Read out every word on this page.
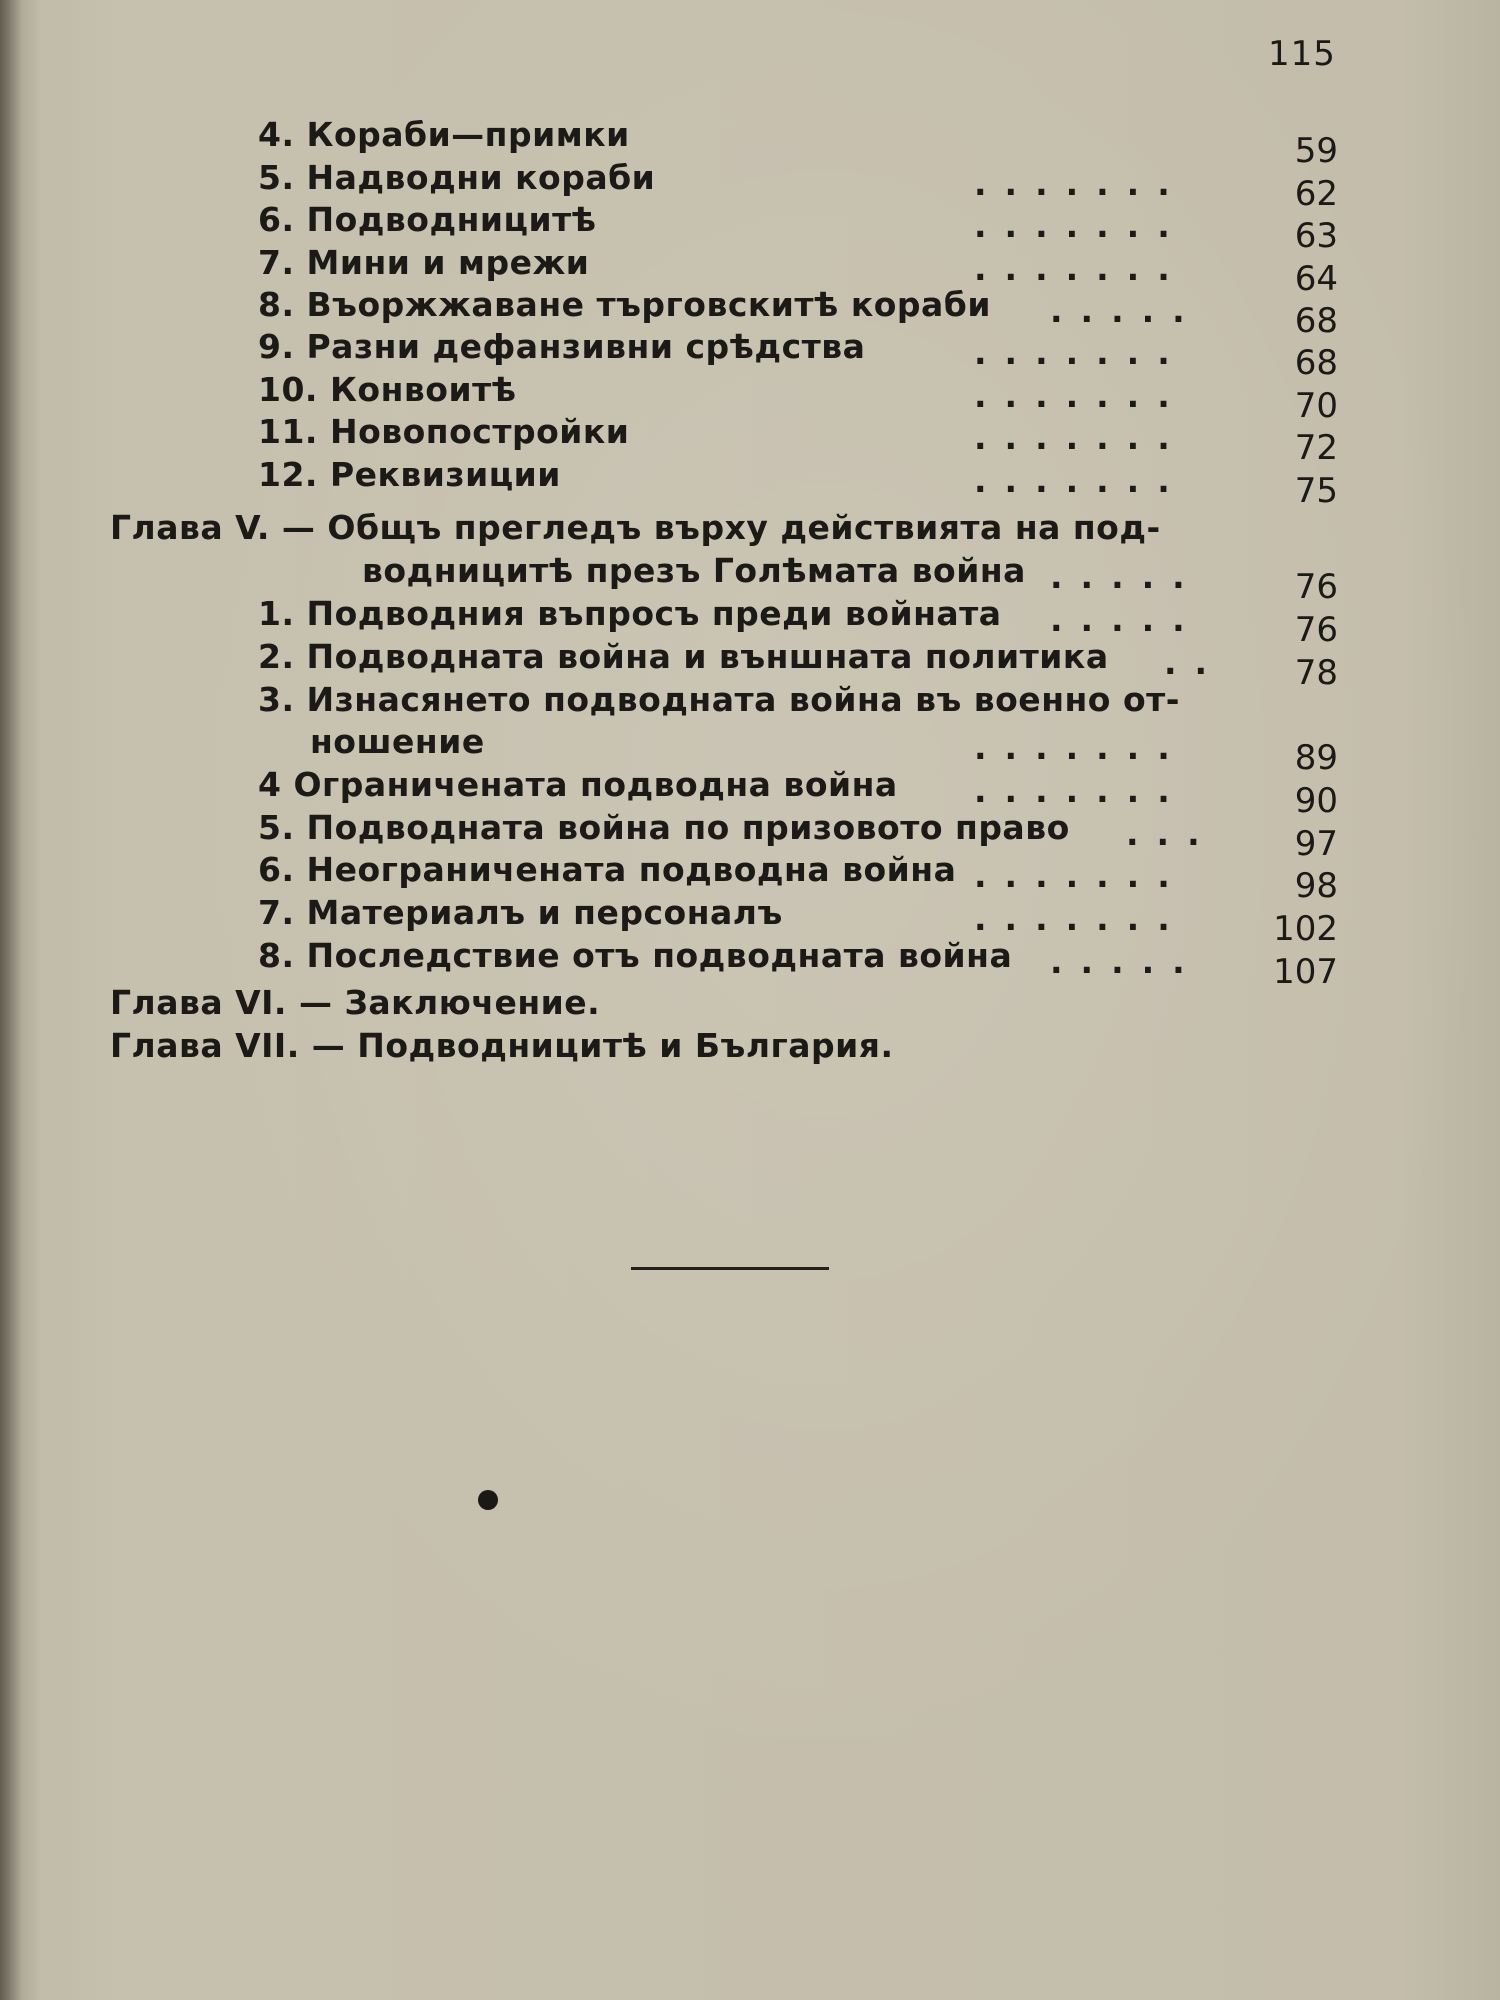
115
4. Кораби—примки	59
5. Надводни кораби	.......	62
6. Подводницитѣ	.......	63
7. Мини и мрежи	.......	64
8. Въоржжаване търговскитѣ кораби .....	68
9. Разни дефанзивни срѣдства	.......	68
10. Конвоитѣ	.......	70
11. Новопостройки	.......	72
12. Реквизиции	.......	75
Глава V. — Общъ прегледъ върху действията на под-
водницитѣ презъ Голѣмата война .....	76
1. Подводния въпросъ преди войната .....	76
2. Подводната война и външната политика ..	78
3. Изнасянето подводната война въ военно от-
ношение	.......	89
4 Ограничената подводна война .......	90
5. Подводната война по призовото право ...	97
6. Неограничената подводна война .......	98
7. Материалъ и персоналъ	.......	102
8. Последствие отъ подводната война .....	107
Глава VI. — Заключение.
Глава VII. — Подводницитѣ и България.
